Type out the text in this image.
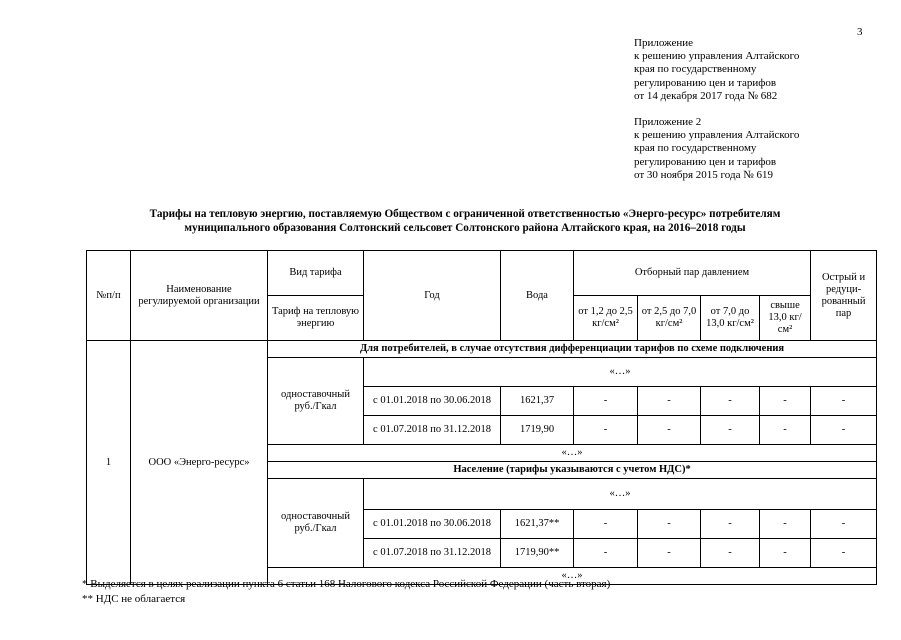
3
Приложение
к решению управления Алтайского
края по государственному
регулированию цен и тарифов
от 14 декабря 2017 года № 682
Приложение 2
к решению управления Алтайского
края по государственному
регулированию цен и тарифов
от 30 ноября 2015 года № 619
Тарифы на тепловую энергию, поставляемую Обществом с ограниченной ответственностью «Энерго-ресурс» потребителям
муниципального образования Солтонский сельсовет Солтонского района Алтайского края, на 2016–2018 годы
№п/п	Наименование регулируемой организации	Вид тарифа	Год	Вода	Отборный пар давлением				Острый и редуци-рованный пар
		Тариф на тепловую энергию			от 1,2 до 2,5 кг/см²	от 2,5 до 7,0 кг/см²	от 7,0 до 13,0 кг/см²	свыше 13,0 кг/см²	
1	ООО «Энерго-ресурс»	Для потребителей, в случае отсутствия дифференциации тарифов по схеме подключения							
		одноставочный руб./Гкал	«…»						
			с 01.01.2018 по 30.06.2018	1621,37	-	-	-	-	-
			с 01.07.2018 по 31.12.2018	1719,90	-	-	-	-	-
		«…»							
		Население (тарифы указываются с учетом НДС)*							
		одноставочный руб./Гкал	«…»						
			с 01.01.2018 по 30.06.2018	1621,37**	-	-	-	-	-
			с 01.07.2018 по 31.12.2018	1719,90**	-	-	-	-	-
		«…»							
* Выделяется в целях реализации пункта 6 статьи 168 Налогового кодекса Российской Федерации (часть вторая)
** НДС не облагается
